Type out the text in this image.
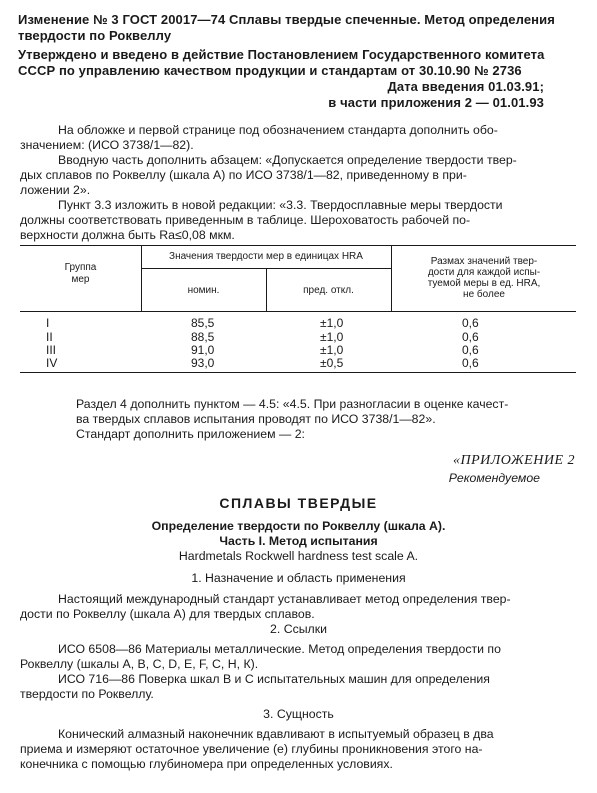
Изменение № 3 ГОСТ 20017—74 Сплавы твердые спеченные. Метод определения
твердости по Роквеллу
Утверждено и введено в действие Постановлением Государственного комитета
СССР по управлению качеством продукции и стандартам от 30.10.90 № 2736
Дата введения 01.03.91;
в части приложения 2 — 01.01.93
На обложке и первой странице под обозначением стандарта дополнить обо-
значением: (ИСО 3738/1—82).
Вводную часть дополнить абзацем: «Допускается определение твердости твер-
дых сплавов по Роквеллу (шкала А) по ИСО 3738/1—82, приведенному в при-
ложении 2».
Пункт 3.3 изложить в новой редакции: «3.3. Твердосплавные меры твердости
должны соответствовать приведенным в таблице. Шероховатость рабочей по-
верхности должна быть Ra≤0,08 мкм.
Группа
мер
Значения твердости мер в единицах HRA
номин.	пред. откл.
Размах значений твер-
дости для каждой испы-
туемой меры в ед. HRA,
не более
I	85,5	±1,0	0,6
II	88,5	±1,0	0,6
III	91,0	±1,0	0,6
IV	93,0	±0,5	0,6
Раздел 4 дополнить пунктом — 4.5: «4.5. При разногласии в оценке качест-
ва твердых сплавов испытания проводят по ИСО 3738/1—82».
Стандарт дополнить приложением — 2:
«ПРИЛОЖЕНИЕ 2
Рекомендуемое
СПЛАВЫ ТВЕРДЫЕ
Определение твердости по Роквеллу (шкала А).
Часть I. Метод испытания
Hardmetals Rockwell hardness test scale A.
1. Назначение и область применения
Настоящий международный стандарт устанавливает метод определения твер-
дости по Роквеллу (шкала А) для твердых сплавов.
2. Ссылки
ИСО 6508—86 Материалы металлические. Метод определения твердости по
Роквеллу (шкалы А, В, С, D, Е, F, С, Н, К).
ИСО 716—86 Поверка шкал В и С испытательных машин для определения
твердости по Роквеллу.
3. Сущность
Конический алмазный наконечник вдавливают в испытуемый образец в два
приема и измеряют остаточное увеличение (е) глубины проникновения этого на-
конечника с помощью глубиномера при определенных условиях.
